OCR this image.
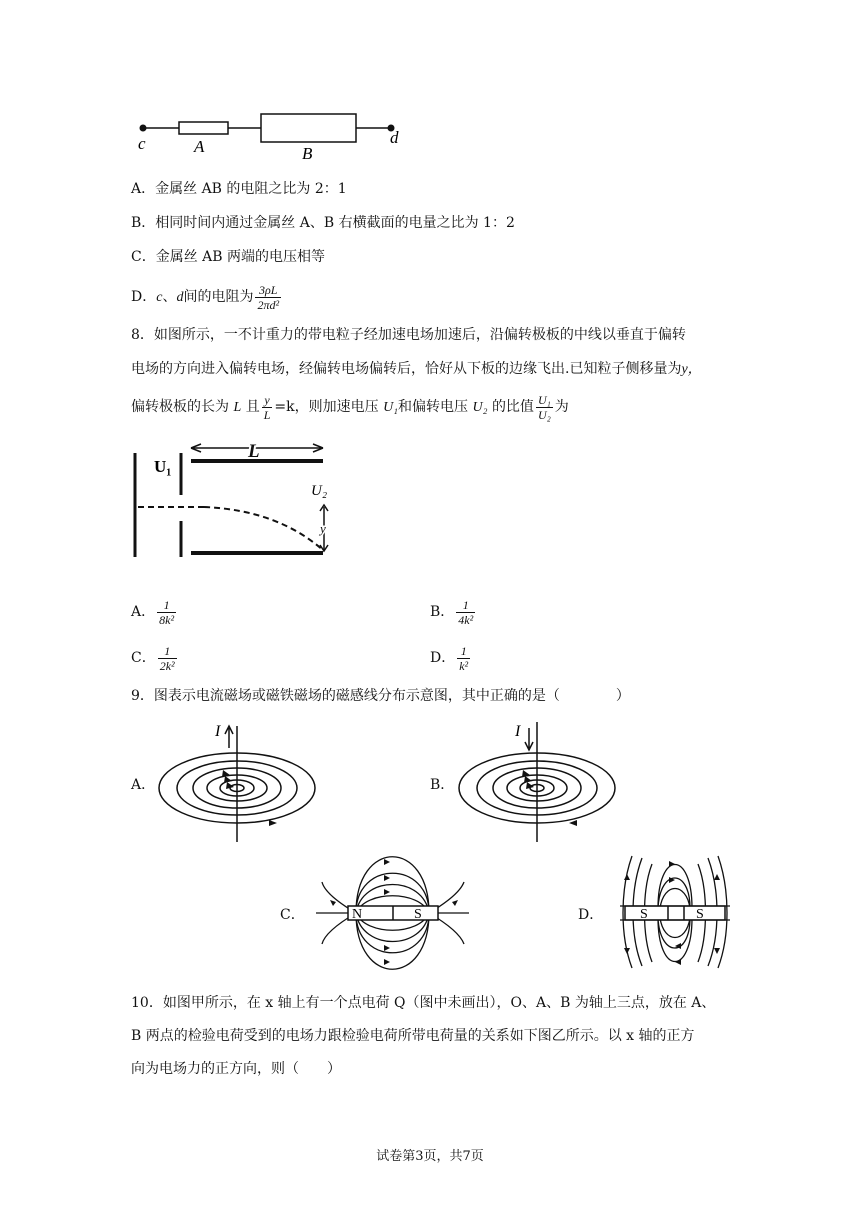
c	A	B
d
A．金属丝 AB 的电阻之比为 2：1
B．相同时间内通过金属丝 A、B 右横截面的电量之比为 1：2
C．金属丝 AB 两端的电压相等
D．c、d间的电阻为 $\frac{3\rho L}{\text{2πd²}}$
8．如图所示，一不计重力的带电粒子经加速电场加速后，沿偏转极板的中线以垂直于偏转
电场的方向进入偏转电场，经偏转电场偏转后，恰好从下板的边缘飞出.已知粒子侧移量为y，
偏转极板的长为 L 且 $\frac{y}{L} =k$，则加速电压 U₁和偏转电压 U₂ 的比值 $\frac{\text{U₁}}{\text{U₂}}$ 为
U₁
L
U₂
y
A． $\frac{1}{\text{8k²}}$	B． $\frac{1}{\text{4k²}}$
C． $\frac{1}{\text{2k²}}$	D． $\frac{1}{\text{k²}}$
9．图表示电流磁场或磁铁磁场的磁感线分布示意图，其中正确的是（　　　　）
A．
I
B．
I
C．	N	S	D．	S	S
10．如图甲所示，在 x 轴上有一个点电荷 Q（图中未画出），O、A、B 为轴上三点，放在 A、
B 两点的检验电荷受到的电场力跟检验电荷所带电荷量的关系如下图乙所示。以 x 轴的正方
向为电场力的正方向，则（　　）
试卷第3页，共7页
